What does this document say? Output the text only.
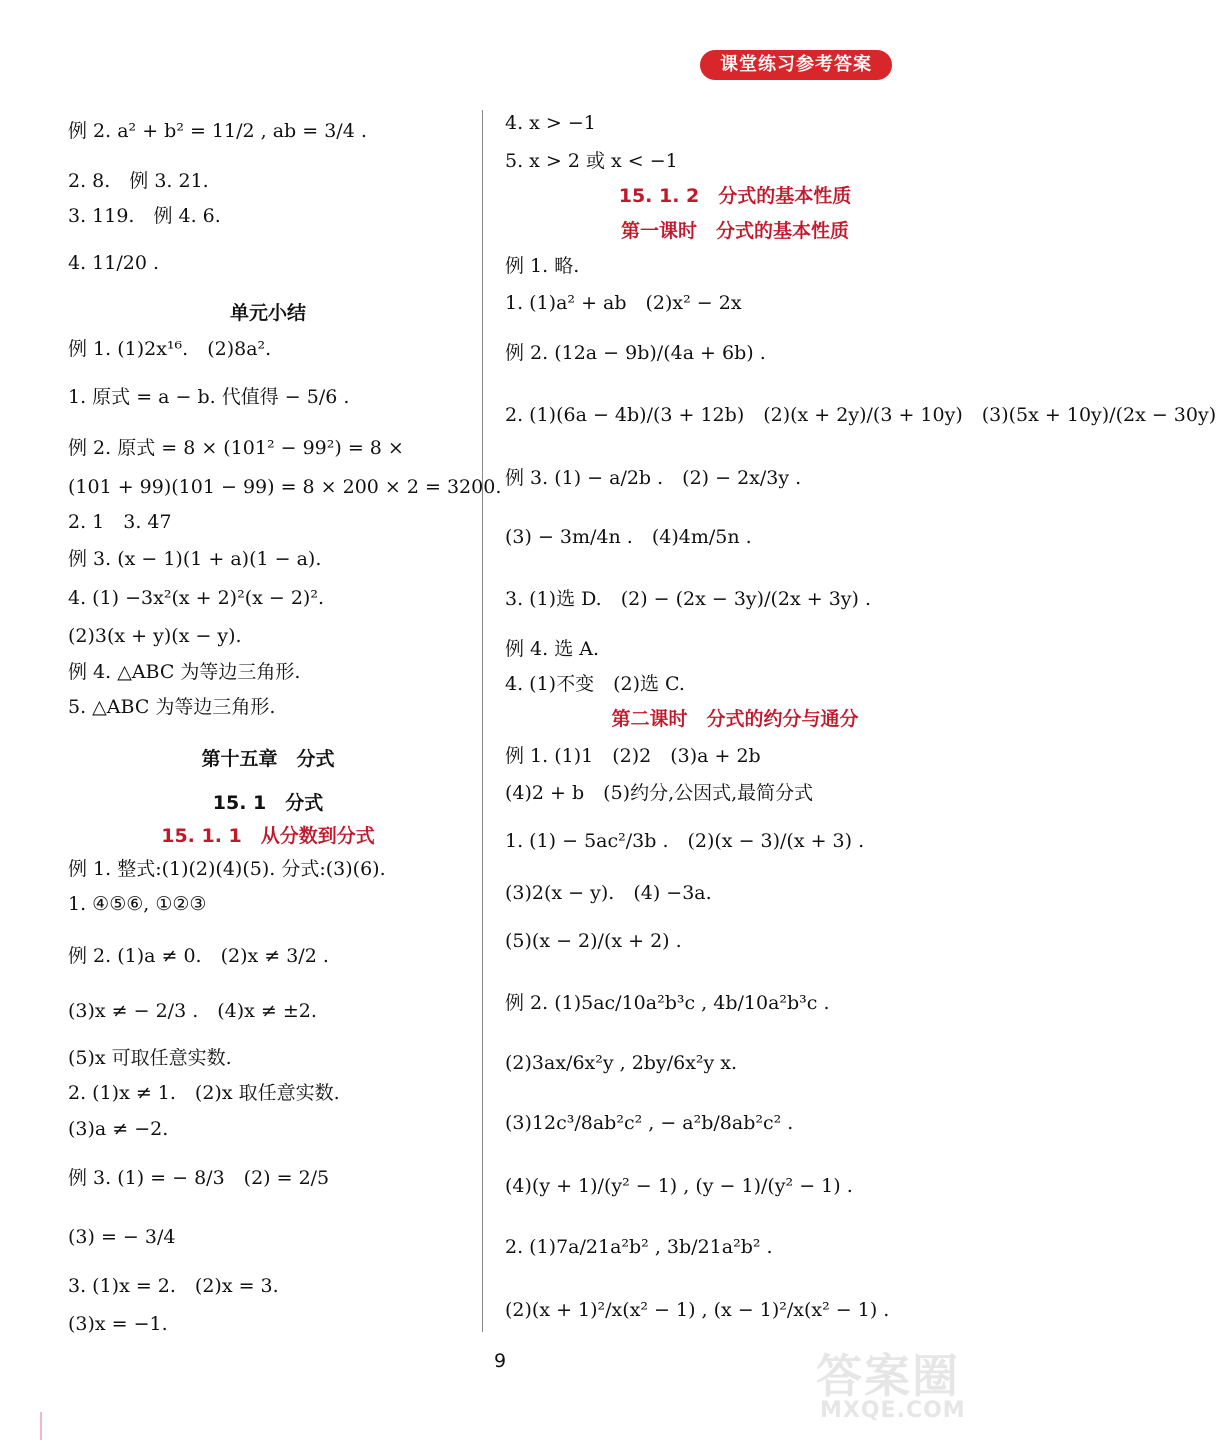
课堂练习参考答案
例 2. a² + b² = 11/2 , ab = 3/4 .
2. 8.　例 3. 21.
3. 119.　例 4. 6.
4. 11/20 .
单元小结
例 1. (1)2x¹⁶.　(2)8a².
1. 原式 = a − b. 代值得 − 5/6 .
例 2. 原式 = 8 × (101² − 99²) = 8 ×
(101 + 99)(101 − 99) = 8 × 200 × 2 = 3200.
2. 1　3. 47
例 3. (x − 1)(1 + a)(1 − a).
4. (1) −3x²(x + 2)²(x − 2)².
(2)3(x + y)(x − y).
例 4. △ABC 为等边三角形.
5. △ABC 为等边三角形.
第十五章　分式
15. 1　分式
15. 1. 1　从分数到分式
例 1. 整式:(1)(2)(4)(5). 分式:(3)(6).
1. ④⑤⑥, ①②③
例 2. (1)a ≠ 0.　(2)x ≠ 3/2 .
(3)x ≠ − 2/3 .　(4)x ≠ ±2.
(5)x 可取任意实数.
2. (1)x ≠ 1.　(2)x 取任意实数.
(3)a ≠ −2.
例 3. (1) = − 8/3　(2) = 2/5
(3) = − 3/4
3. (1)x = 2.　(2)x = 3.
(3)x = −1.
4. x > −1
5. x > 2 或 x < −1
15. 1. 2　分式的基本性质
第一课时　分式的基本性质
例 1. 略.
1. (1)a² + ab　(2)x² − 2x
例 2. (12a − 9b)/(4a + 6b) .
2. (1)(6a − 4b)/(3 + 12b)　(2)(x + 2y)/(3 + 10y)　(3)(5x + 10y)/(2x − 30y)
例 3. (1) − a/2b .　(2) − 2x/3y .
(3) − 3m/4n .　(4)4m/5n .
3. (1)选 D.　(2) − (2x − 3y)/(2x + 3y) .
例 4. 选 A.
4. (1)不变　(2)选 C.
第二课时　分式的约分与通分
例 1. (1)1　(2)2　(3)a + 2b
(4)2 + b　(5)约分,公因式,最简分式
1. (1) − 5ac²/3b .　(2)(x − 3)/(x + 3) .
(3)2(x − y).　(4) −3a.
(5)(x − 2)/(x + 2) .
例 2. (1)5ac/10a²b³c , 4b/10a²b³c .
(2)3ax/6x²y , 2by/6x²y x.
(3)12c³/8ab²c² , − a²b/8ab²c² .
(4)(y + 1)/(y² − 1) , (y − 1)/(y² − 1) .
2. (1)7a/21a²b² , 3b/21a²b² .
(2)(x + 1)²/x(x² − 1) , (x − 1)²/x(x² − 1) .
9	答案圈
MXQE.COM
